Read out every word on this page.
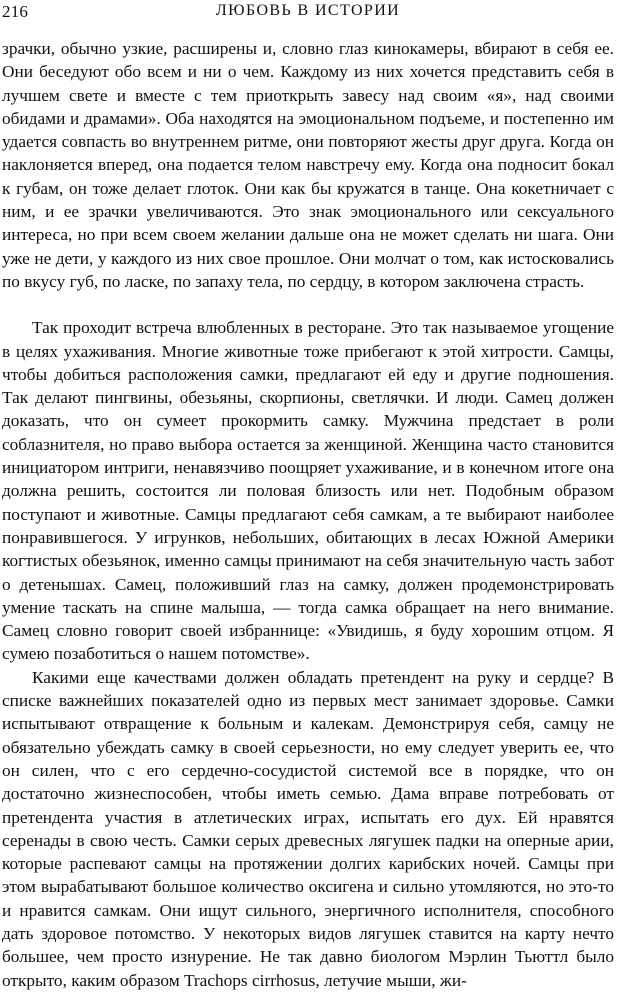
216	ЛЮБОВЬ В ИСТОРИИ

зрачки, обычно узкие, расширены и, словно глаз кинокамеры, вбирают в себя ее. Они беседуют обо всем и ни о чем. Каждому из них хочется представить себя в лучшем свете и вместе с тем приоткрыть завесу над своим «я», над своими обидами и драмами». Оба находятся на эмоциональном подъеме, и постепенно им удается совпасть во внутреннем ритме, они повторяют жесты друг друга. Когда он наклоняется вперед, она подается телом навстречу ему. Когда она подносит бокал к губам, он тоже делает глоток. Они как бы кружатся в танце. Она кокетничает с ним, и ее зрачки увеличиваются. Это знак эмоционального или сексуального интереса, но при всем своем желании дальше она не может сделать ни шага. Они уже не дети, у каждого из них свое прошлое. Они молчат о том, как истосковались по вкусу губ, по ласке, по запаху тела, по сердцу, в котором заключена страсть.

Так проходит встреча влюбленных в ресторане. Это так называемое угощение в целях ухаживания. Многие животные тоже прибегают к этой хитрости. Самцы, чтобы добиться расположения самки, предлагают ей еду и другие подношения. Так делают пингвины, обезьяны, скорпионы, светлячки. И люди. Самец должен доказать, что он сумеет прокормить самку. Мужчина предстает в роли соблазнителя, но право выбора остается за женщиной. Женщина часто становится инициатором интриги, ненавязчиво поощряет ухаживание, и в конечном итоге она должна решить, состоится ли половая близость или нет. Подобным образом поступают и животные. Самцы предлагают себя самкам, а те выбирают наиболее понравившегося. У игрунков, небольших, обитающих в лесах Южной Америки когтистых обезьянок, именно самцы принимают на себя значительную часть забот о детенышах. Самец, положивший глаз на самку, должен продемонстрировать умение таскать на спине малыша, — тогда самка обращает на него внимание. Самец словно говорит своей избраннице: «Увидишь, я буду хорошим отцом. Я сумею позаботиться о нашем потомстве».

Какими еще качествами должен обладать претендент на руку и сердце? В списке важнейших показателей одно из первых мест занимает здоровье. Самки испытывают отвращение к больным и калекам. Демонстрируя себя, самцу не обязательно убеждать самку в своей серьезности, но ему следует уверить ее, что он силен, что с его сердечно-сосудистой системой все в порядке, что он достаточно жизнеспособен, чтобы иметь семью. Дама вправе потребовать от претендента участия в атлетических играх, испытать его дух. Ей нравятся серенады в свою честь. Самки серых древесных лягушек падки на оперные арии, которые распевают самцы на протяжении долгих карибских ночей. Самцы при этом вырабатывают большое количество оксигена и сильно утомляются, но это-то и нравится самкам. Они ищут сильного, энергичного исполнителя, способного дать здоровое потомство. У некоторых видов лягушек ставится на карту нечто большее, чем просто изнурение. Не так давно биологом Мэрлин Тьюттл было открыто, каким образом Trachops cirrhosus, летучие мыши, жи-
